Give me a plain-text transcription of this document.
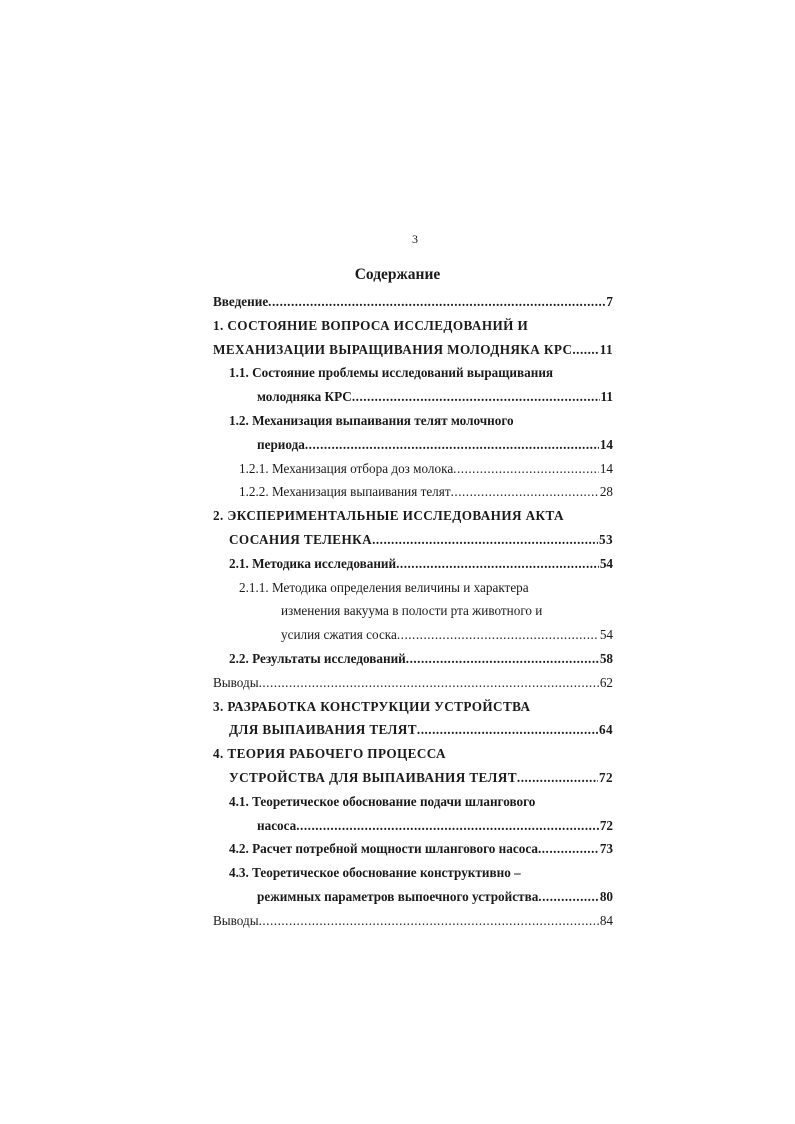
3
Содержание
Введение .....	7
1. СОСТОЯНИЕ ВОПРОСА ИССЛЕДОВАНИЙ И
МЕХАНИЗАЦИИ ВЫРАЩИВАНИЯ МОЛОДНЯКА КРС ..... 11
1.1. Состояние проблемы исследований выращивания
молодняка КРС .....	11
1.2. Механизация выпаивания телят молочного
периода .....	14
1.2.1. Механизация отбора доз молока .....	14
1.2.2. Механизация выпаивания телят .....	28
2. ЭКСПЕРИМЕНТАЛЬНЫЕ ИССЛЕДОВАНИЯ АКТА
СОСАНИЯ ТЕЛЕНКА .....	53
2.1. Методика исследований .....	54
2.1.1. Методика определения величины и характера
изменения вакуума в полости рта животного и
усилия сжатия соска .....	54
2.2. Результаты исследований .....	58
Выводы .....	62
3. РАЗРАБОТКА КОНСТРУКЦИИ УСТРОЙСТВА
ДЛЯ ВЫПАИВАНИЯ ТЕЛЯТ .....	64
4. ТЕОРИЯ РАБОЧЕГО ПРОЦЕССА
УСТРОЙСТВА ДЛЯ ВЫПАИВАНИЯ ТЕЛЯТ .....	72
4.1. Теоретическое обоснование подачи шлангового
насоса .....	72
4.2. Расчет потребной мощности шлангового насоса .....	73
4.3. Теоретическое обоснование конструктивно –
режимных параметров выпоечного устройства .....	80
Выводы .....	84
